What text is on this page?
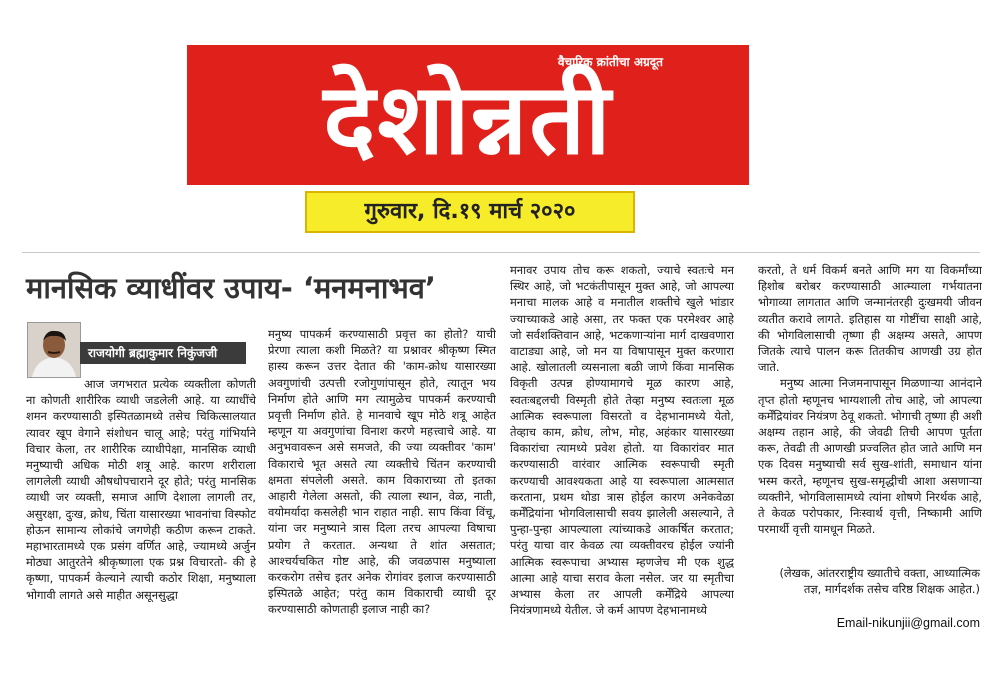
वैचारिक क्रांतीचा अग्रदूत
देशोन्नती
गुरुवार, दि.१९ मार्च २०२०
मानसिक व्याधींवर उपाय- ‘मनमनाभव’
राजयोगी ब्रह्माकुमार निकुंजजी

आज जगभरात प्रत्येक व्यक्तीला कोणती ना कोणती शारीरिक व्याधी जडलेली आहे. या व्याधींचे शमन करण्यासाठी इस्पितळामध्ये तसेच चिकित्सालयात त्यावर खूप वेगाने संशोधन चालू आहे; परंतु गांभिर्याने विचार केला, तर शारीरिक व्याधीपेक्षा, मानसिक व्याधी मनुष्याची अधिक मोठी शत्रू आहे. कारण शरीराला लागलेली व्याधी औषधोपचाराने दूर होते; परंतु मानसिक व्याधी जर व्यक्ती, समाज आणि देशाला लागली तर, असुरक्षा, दुःख, क्रोध, चिंता यासारख्या भावनांचा विस्फोट होऊन सामान्य लोकांचे जगणेही कठीण करून टाकते. महाभारतामध्ये एक प्रसंग वर्णित आहे, ज्यामध्ये अर्जुन मोठ्या आतुरतेने श्रीकृष्णाला एक प्रश्न विचारतो- की हे कृष्णा, पापकर्म केल्याने त्याची कठोर शिक्षा, मनुष्याला भोगावी लागते असे माहीत असूनसुद्धा

मनुष्य पापकर्म करण्यासाठी प्रवृत्त का होतो? याची प्रेरणा त्याला कशी मिळते? या प्रश्नावर श्रीकृष्ण स्मित हास्य करून उत्तर देतात की 'काम-क्रोध यासारख्या अवगुणांची उत्पत्ती रजोगुणांपासून होते, त्यातून भय निर्माण होते आणि मग त्यामुळेच पापकर्म करण्याची प्रवृत्ती निर्माण होते. हे मानवाचे खूप मोठे शत्रू आहेत म्हणून या अवगुणांचा विनाश करणे महत्त्वाचे आहे. या अनुभवावरून असे समजते, की ज्या व्यक्तीवर 'काम' विकाराचे भूत असते त्या व्यक्तीचे चिंतन करण्याची क्षमता संपलेली असते. काम विकाराच्या तो इतका आहारी गेलेला असतो, की त्याला स्थान, वेळ, नाती, वयोमर्यादा कसलेही भान राहात नाही. साप किंवा विंचू, यांना जर मनुष्याने त्रास दिला तरच आपल्या विषाचा प्रयोग ते करतात. अन्यथा ते शांत असतात; आश्चर्यचकित गोष्ट आहे, की जवळपास मनुष्याला करकरोग तसेच इतर अनेक रोगांवर इलाज करण्यासाठी इस्पितळे आहेत; परंतु काम विकाराची व्याधी दूर करण्यासाठी कोणताही इलाज नाही का?

मनावर उपाय तोच करू शकतो, ज्याचे स्वतःचे मन स्थिर आहे, जो भटकंतीपासून मुक्त आहे, जो आपल्या मनाचा मालक आहे व मनातील शक्तीचे खुले भांडार ज्याच्याकडे आहे असा, तर फक्त एक परमेश्वर आहे जो सर्वशक्तिवान आहे, भटकणाऱ्यांना मार्ग दाखवणारा वाटाड्या आहे, जो मन या विषापासून मुक्त करणारा आहे. खोलातली व्यसनाला बळी जाणे किंवा मानसिक विकृती उत्पन्न होण्यामागचे मूळ कारण आहे, स्वतःबद्दलची विस्मृती होते तेव्हा मनुष्य स्वतःला मूळ आत्मिक स्वरूपाला विसरतो व देहभानामध्ये येतो, तेव्हाच काम, क्रोध, लोभ, मोह, अहंकार यासारख्या विकारांचा त्यामध्ये प्रवेश होतो. या विकारांवर मात करण्यासाठी वारंवार आत्मिक स्वरूपाची स्मृती करण्याची आवश्यकता आहे या स्वरूपाला आत्मसात करताना, प्रथम थोडा त्रास होईल कारण अनेकवेळा कर्मेंद्रियांना भोगविलासाची सवय झालेली असल्याने, ते पुन्हा-पुन्हा आपल्याला त्यांच्याकडे आकर्षित करतात; परंतु याचा वार केवळ त्या व्यक्तीवरच होईल ज्यांनी आत्मिक स्वरूपाचा अभ्यास म्हणजेच मी एक शुद्ध आत्मा आहे याचा सराव केला नसेल. जर या स्मृतीचा अभ्यास केला तर आपली कर्मेंद्रिये आपल्या नियंत्रणामध्ये येतील. जे कर्म आपण देहभानामध्ये

करतो, ते धर्म विकर्म बनते आणि मग या विकर्मांच्या हिशोब बरोबर करण्यासाठी आत्म्याला गर्भयातना भोगाव्या लागतात आणि जन्मानंतरही दुःखमयी जीवन व्यतीत करावे लागते. इतिहास या गोष्टींचा साक्षी आहे, की भोगविलासाची तृष्णा ही अक्षम्य असते, आपण जितके त्याचे पालन करू तितकीच आणखी उग्र होत जाते.

मनुष्य आत्मा निजमनापासून मिळणाऱ्या आनंदाने तृप्त होतो म्हणूनच भाग्यशाली तोच आहे, जो आपल्या कर्मेंद्रियांवर नियंत्रण ठेवू शकतो. भोगाची तृष्णा ही अशी अक्षम्य तहान आहे, की जेवढी तिची आपण पूर्तता करू, तेवढी ती आणखी प्रज्वलित होत जाते आणि मन एक दिवस मनुष्याची सर्व सुख-शांती, समाधान यांना भस्म करते, म्हणूनच सुख-समृद्धीची आशा असणाऱ्या व्यक्तीने, भोगविलासामध्ये त्यांना शोषणे निरर्थक आहे, ते केवळ परोपकार, निःस्वार्थ वृत्ती, निष्कामी आणि परमार्थी वृत्ती यामधून मिळते.

(लेखक, आंतरराष्ट्रीय ख्यातीचे वक्ता, आध्यात्मिक तज्ञ, मार्गदर्शक तसेच वरिष्ठ शिक्षक आहेत.)
Email-nikunjii@gmail.com
